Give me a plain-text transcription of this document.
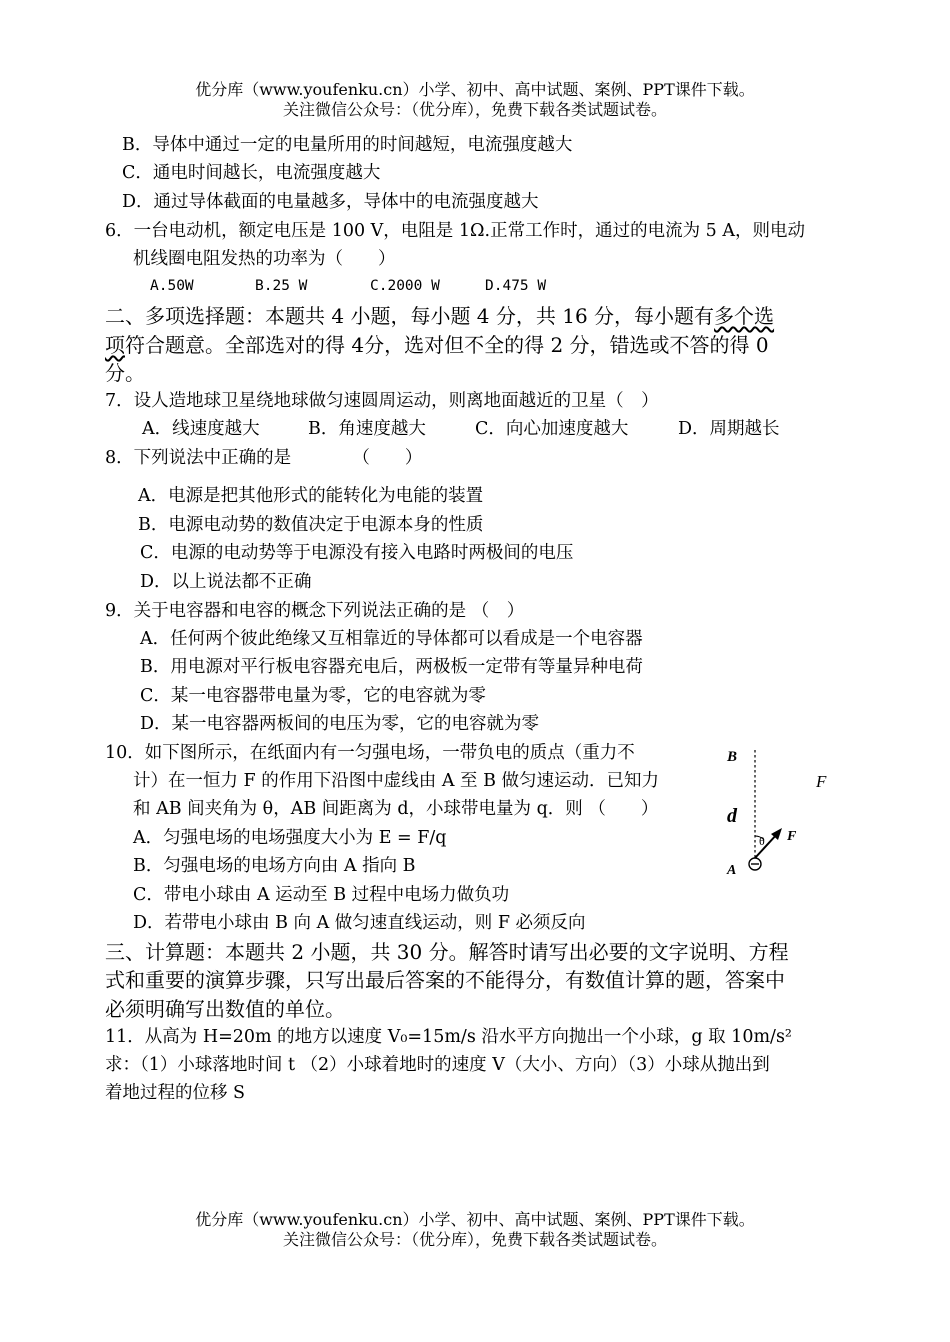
优分库（www.youfenku.cn）小学、初中、高中试题、案例、PPT课件下载。
关注微信公众号：（优分库），免费下载各类试题试卷。
B．导体中通过一定的电量所用的时间越短，电流强度越大
C．通电时间越长，电流强度越大
D．通过导体截面的电量越多，导体中的电流强度越大
6．一台电动机，额定电压是 100 V，电阻是 1Ω.正常工作时，通过的电流为 5 A，则电动
机线圈电阻发热的功率为（　　）
A.50W	B.25 W	C.2000 W	D.475 W
二、多项选择题：本题共 4 小题，每小题 4 分，共 16 分，每小题有多个选
项符合题意。全部选对的得 4分，选对但不全的得 2 分，错选或不答的得 0
分。
7．设人造地球卫星绕地球做匀速圆周运动，则离地面越近的卫星（　）
A．线速度越大	B．角速度越大	C．向心加速度越大	D．周期越长
8．下列说法中正确的是　　　　（　　）
A．电源是把其他形式的能转化为电能的装置
B．电源电动势的数值决定于电源本身的性质
C．电源的电动势等于电源没有接入电路时两极间的电压
D．以上说法都不正确
9．关于电容器和电容的概念下列说法正确的是 （　）
A．任何两个彼此绝缘又互相靠近的导体都可以看成是一个电容器
B．用电源对平行板电容器充电后，两极板一定带有等量异种电荷
C．某一电容器带电量为零，它的电容就为零
D．某一电容器两板间的电压为零，它的电容就为零
10．如下图所示，在纸面内有一匀强电场，一带负电的质点（重力不
计）在一恒力 F 的作用下沿图中虚线由 A 至 B 做匀速运动．已知力
和 AB 间夹角为 θ，AB 间距离为 d，小球带电量为 q．则 （　　）
A．匀强电场的电场强度大小为 E = F/q
B．匀强电场的电场方向由 A 指向 B
C．带电小球由 A 运动至 B 过程中电场力做负功
D．若带电小球由 B 向 A 做匀速直线运动，则 F 必须反向
B
F
d
θ F
A
三、计算题：本题共 2 小题，共 30 分。解答时请写出必要的文字说明、方程
式和重要的演算步骤，只写出最后答案的不能得分，有数值计算的题，答案中
必须明确写出数值的单位。
11．从高为 H=20m 的地方以速度 V₀=15m/s 沿水平方向抛出一个小球，g 取 10m/s²
求：（1）小球落地时间 t （2）小球着地时的速度 V（大小、方向）（3）小球从抛出到
着地过程的位移 S
优分库（www.youfenku.cn）小学、初中、高中试题、案例、PPT课件下载。
关注微信公众号：（优分库），免费下载各类试题试卷。
